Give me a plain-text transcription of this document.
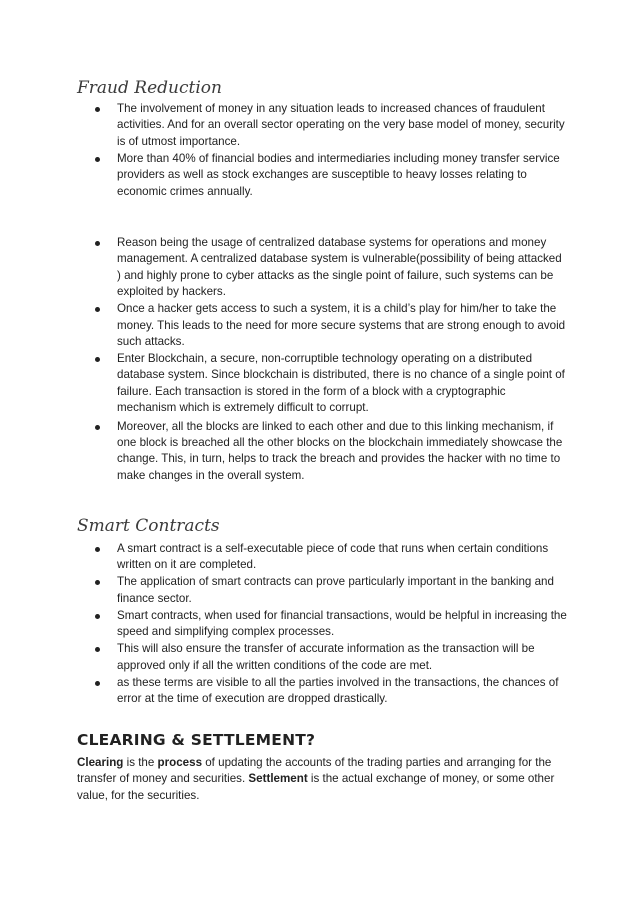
Fraud Reduction
The involvement of money in any situation leads to increased chances of fraudulent activities. And for an overall sector operating on the very base model of money, security is of utmost importance.
More than 40% of financial bodies and intermediaries including money transfer service providers as well as stock exchanges are susceptible to heavy losses relating to economic crimes annually.
Reason being the usage of centralized database systems for operations and money management. A centralized database system is vulnerable(possibility of being attacked ) and highly prone to cyber attacks as the single point of failure, such systems can be exploited by hackers.
Once a hacker gets access to such a system, it is a child’s play for him/her to take the money. This leads to the need for more secure systems that are strong enough to avoid such attacks.
Enter Blockchain, a secure, non-corruptible technology operating on a distributed database system. Since blockchain is distributed, there is no chance of a single point of failure. Each transaction is stored in the form of a block with a cryptographic mechanism which is extremely difficult to corrupt.
Moreover, all the blocks are linked to each other and due to this linking mechanism, if one block is breached all the other blocks on the blockchain immediately showcase the change. This, in turn, helps to track the breach and provides the hacker with no time to make changes in the overall system.
Smart Contracts
A smart contract is a self-executable piece of code that runs when certain conditions written on it are completed.
The application of smart contracts can prove particularly important in the banking and finance sector.
Smart contracts, when used for financial transactions, would be helpful in increasing the speed and simplifying complex processes.
This will also ensure the transfer of accurate information as the transaction will be approved only if all the written conditions of the code are met.
as these terms are visible to all the parties involved in the transactions, the chances of error at the time of execution are dropped drastically.
CLEARING & SETTLEMENT?

Clearing is the process of updating the accounts of the trading parties and arranging for the transfer of money and securities. Settlement is the actual exchange of money, or some other value, for the securities.
